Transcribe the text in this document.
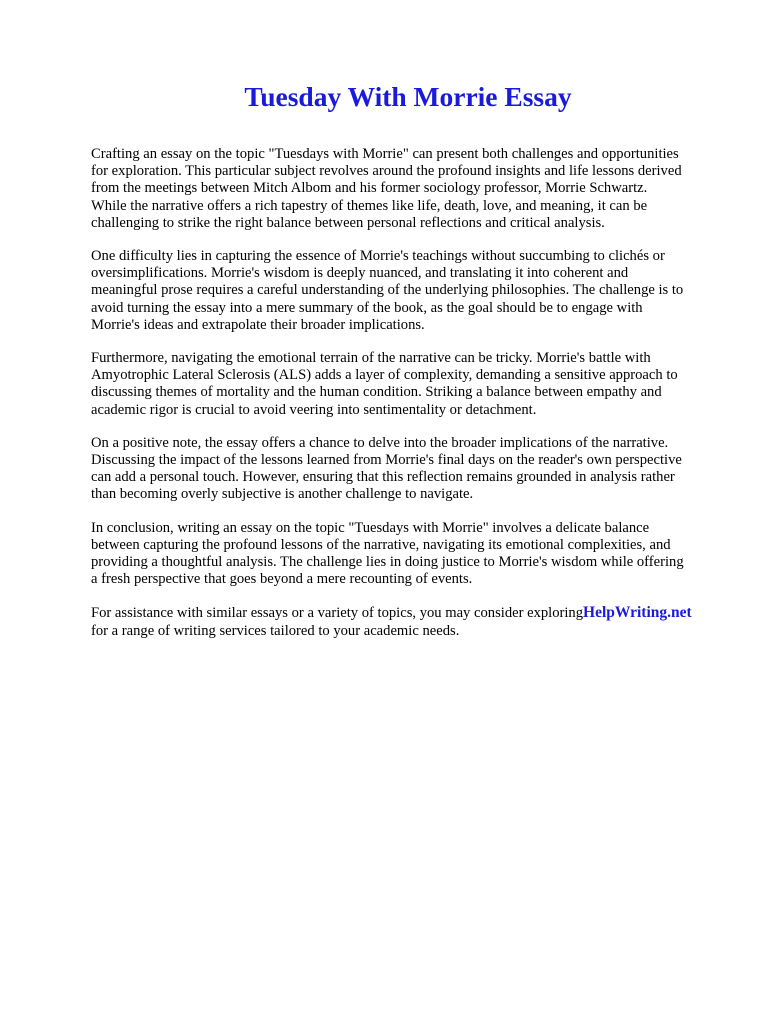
Tuesday With Morrie Essay

Crafting an essay on the topic "Tuesdays with Morrie" can present both challenges and opportunities
for exploration. This particular subject revolves around the profound insights and life lessons derived
from the meetings between Mitch Albom and his former sociology professor, Morrie Schwartz.
While the narrative offers a rich tapestry of themes like life, death, love, and meaning, it can be
challenging to strike the right balance between personal reflections and critical analysis.

One difficulty lies in capturing the essence of Morrie's teachings without succumbing to clichés or
oversimplifications. Morrie's wisdom is deeply nuanced, and translating it into coherent and
meaningful prose requires a careful understanding of the underlying philosophies. The challenge is to
avoid turning the essay into a mere summary of the book, as the goal should be to engage with
Morrie's ideas and extrapolate their broader implications.

Furthermore, navigating the emotional terrain of the narrative can be tricky. Morrie's battle with
Amyotrophic Lateral Sclerosis (ALS) adds a layer of complexity, demanding a sensitive approach to
discussing themes of mortality and the human condition. Striking a balance between empathy and
academic rigor is crucial to avoid veering into sentimentality or detachment.

On a positive note, the essay offers a chance to delve into the broader implications of the narrative.
Discussing the impact of the lessons learned from Morrie's final days on the reader's own perspective
can add a personal touch. However, ensuring that this reflection remains grounded in analysis rather
than becoming overly subjective is another challenge to navigate.

In conclusion, writing an essay on the topic "Tuesdays with Morrie" involves a delicate balance
between capturing the profound lessons of the narrative, navigating its emotional complexities, and
providing a thoughtful analysis. The challenge lies in doing justice to Morrie's wisdom while offering
a fresh perspective that goes beyond a mere recounting of events.

For assistance with similar essays or a variety of topics, you may consider exploringHelpWriting.net
for a range of writing services tailored to your academic needs.
